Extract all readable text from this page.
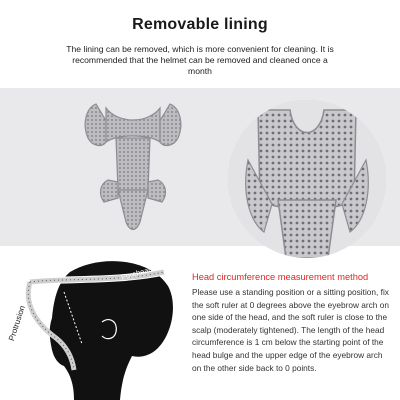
Removable lining
The lining can be removed, which is more convenient for cleaning. It is
recommended that the helmet can be removed and cleaned once a
month
Protrusion
Forehead hair root Head circumference measurement method
Please use a standing position or a sitting position, fix the soft ruler at 0 degrees above the eyebrow arch on one side of the head, and the soft ruler is close to the scalp (moderately tightened). The length of the head circumference is 1 cm below the starting point of the head bulge and the upper edge of the eyebrow arch on the other side back to 0 points.
